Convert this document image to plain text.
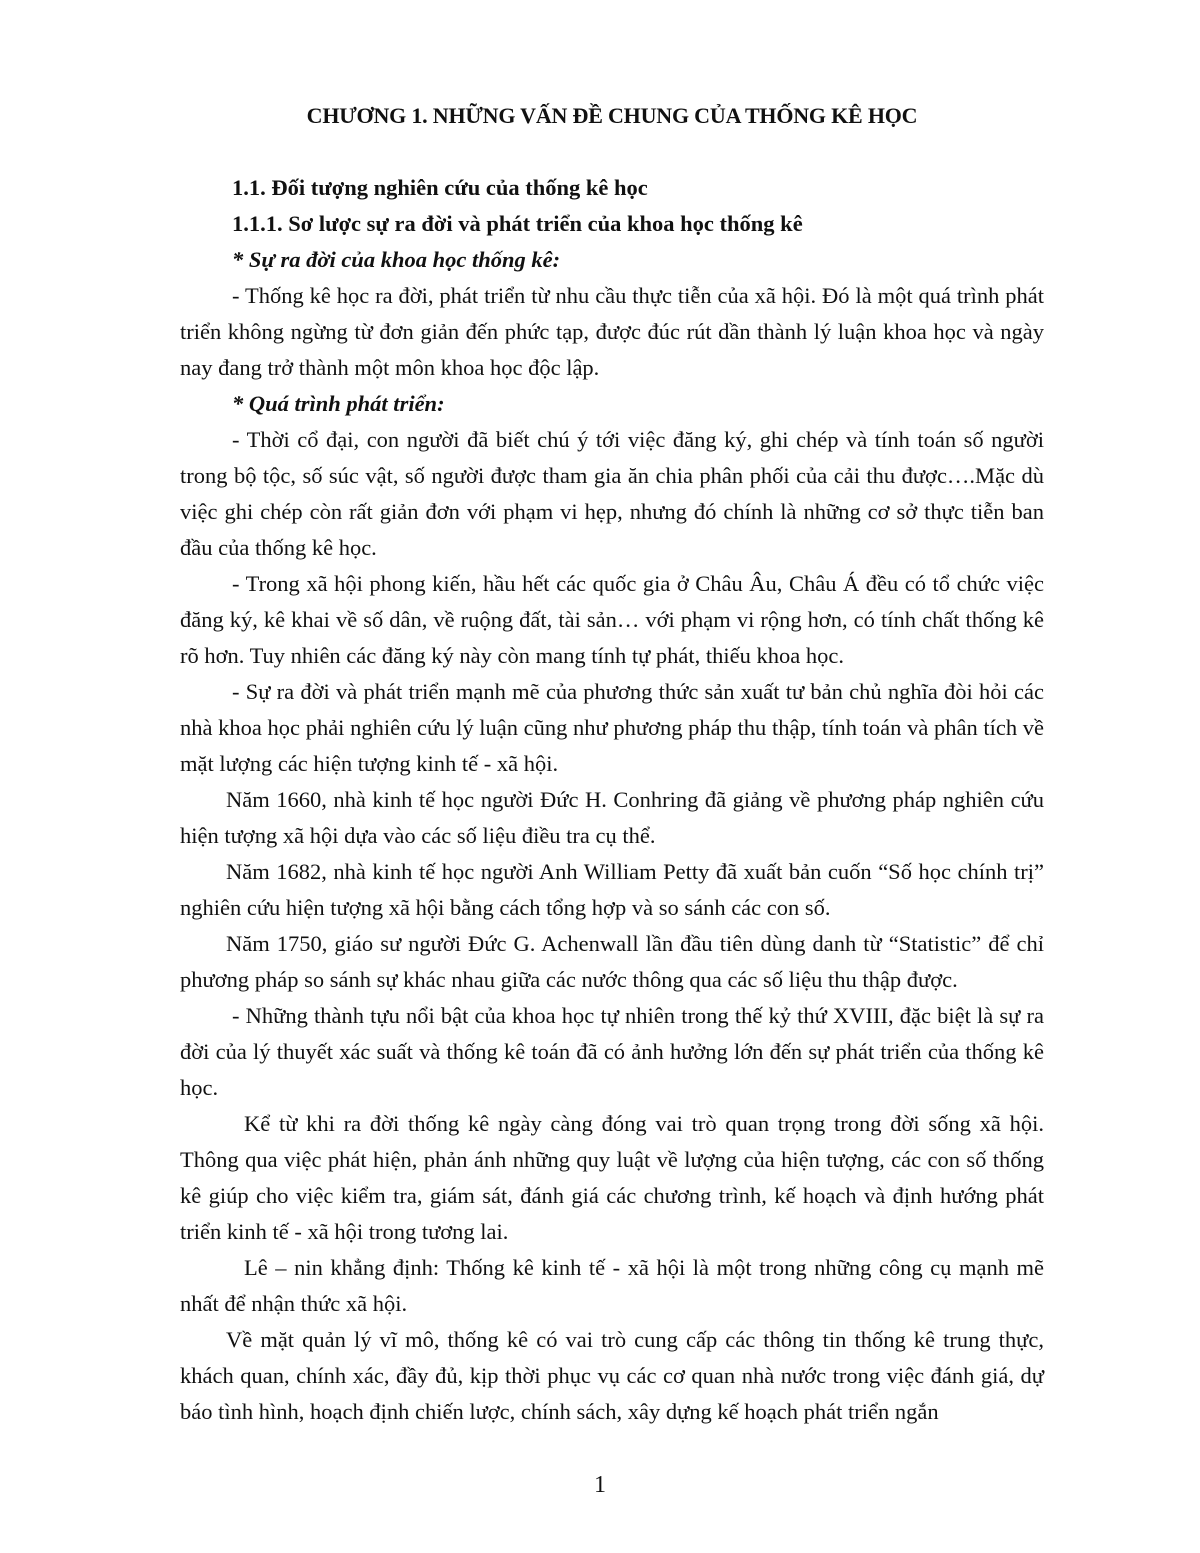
CHƯƠNG 1. NHỮNG VẤN ĐỀ CHUNG CỦA THỐNG KÊ HỌC
1.1. Đối tượng nghiên cứu của thống kê học
1.1.1. Sơ lược sự ra đời và phát triển của khoa học thống kê
* Sự ra đời của khoa học thống kê:

- Thống kê học ra đời, phát triển từ nhu cầu thực tiễn của xã hội. Đó là một quá trình phát triển không ngừng từ đơn giản đến phức tạp, được đúc rút dần thành lý luận khoa học và ngày nay đang trở thành một môn khoa học độc lập.

* Quá trình phát triển:

- Thời cổ đại, con người đã biết chú ý tới việc đăng ký, ghi chép và tính toán số người trong bộ tộc, số súc vật, số người được tham gia ăn chia phân phối của cải thu được….Mặc dù việc ghi chép còn rất giản đơn với phạm vi hẹp, nhưng đó chính là những cơ sở thực tiễn ban đầu của thống kê học.

- Trong xã hội phong kiến, hầu hết các quốc gia ở Châu Âu, Châu Á đều có tổ chức việc đăng ký, kê khai về số dân, về ruộng đất, tài sản… với phạm vi rộng hơn, có tính chất thống kê rõ hơn. Tuy nhiên các đăng ký này còn mang tính tự phát, thiếu khoa học.

- Sự ra đời và phát triển mạnh mẽ của phương thức sản xuất tư bản chủ nghĩa đòi hỏi các nhà khoa học phải nghiên cứu lý luận cũng như phương pháp thu thập, tính toán và phân tích về mặt lượng các hiện tượng kinh tế - xã hội.

Năm 1660, nhà kinh tế học người Đức H. Conhring đã giảng về phương pháp nghiên cứu hiện tượng xã hội dựa vào các số liệu điều tra cụ thể.

Năm 1682, nhà kinh tế học người Anh William Petty đã xuất bản cuốn “Số học chính trị” nghiên cứu hiện tượng xã hội bằng cách tổng hợp và so sánh các con số.

Năm 1750, giáo sư người Đức G. Achenwall lần đầu tiên dùng danh từ “Statistic” để chỉ phương pháp so sánh sự khác nhau giữa các nước thông qua các số liệu thu thập được.

- Những thành tựu nổi bật của khoa học tự nhiên trong thế kỷ thứ XVIII, đặc biệt là sự ra đời của lý thuyết xác suất và thống kê toán đã có ảnh hưởng lớn đến sự phát triển của thống kê học.

Kể từ khi ra đời thống kê ngày càng đóng vai trò quan trọng trong đời sống xã hội. Thông qua việc phát hiện, phản ánh những quy luật về lượng của hiện tượng, các con số thống kê giúp cho việc kiểm tra, giám sát, đánh giá các chương trình, kế hoạch và định hướng phát triển kinh tế - xã hội trong tương lai.

Lê – nin khẳng định: Thống kê kinh tế - xã hội là một trong những công cụ mạnh mẽ nhất để nhận thức xã hội.

Về mặt quản lý vĩ mô, thống kê có vai trò cung cấp các thông tin thống kê trung thực, khách quan, chính xác, đầy đủ, kịp thời phục vụ các cơ quan nhà nước trong việc đánh giá, dự báo tình hình, hoạch định chiến lược, chính sách, xây dựng kế hoạch phát triển ngắn

1
